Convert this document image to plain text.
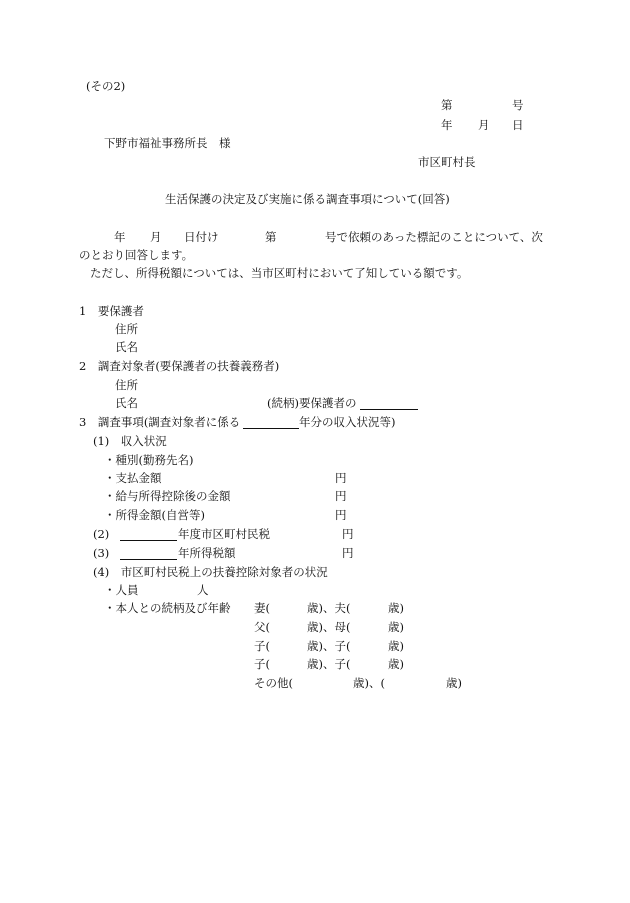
(その2)
第	号
年 月 日
下野市福祉事務所長　様
市区町村長
生活保護の決定及び実施に係る調査事項について(回答)
年 月 日付け	第	号で依頼のあった標記のことについて、次
のとおり回答します。
ただし、所得税額については、当市区町村において了知している額です。
1　要保護者
住所
氏名
2　調査対象者(要保護者の扶養義務者)
住所
氏名	(続柄)要保護者の
3　調査事項(調査対象者に係る	年分の収入状況等)
(1)　収入状況
・種別(勤務先名)
・支払金額	円
・給与所得控除後の金額	円
・所得金額(自営等)	円
(2)	年度市区町村民税	円
(3)	年所得税額	円
(4)　市区町村民税上の扶養控除対象者の状況
・人員	人
・本人との続柄及び年齢 妻(	歳)、夫(	歳)
父(	歳)、母(	歳)
子(	歳)、子(	歳)
子(	歳)、子(	歳)
その他(	歳)、(	歳)
